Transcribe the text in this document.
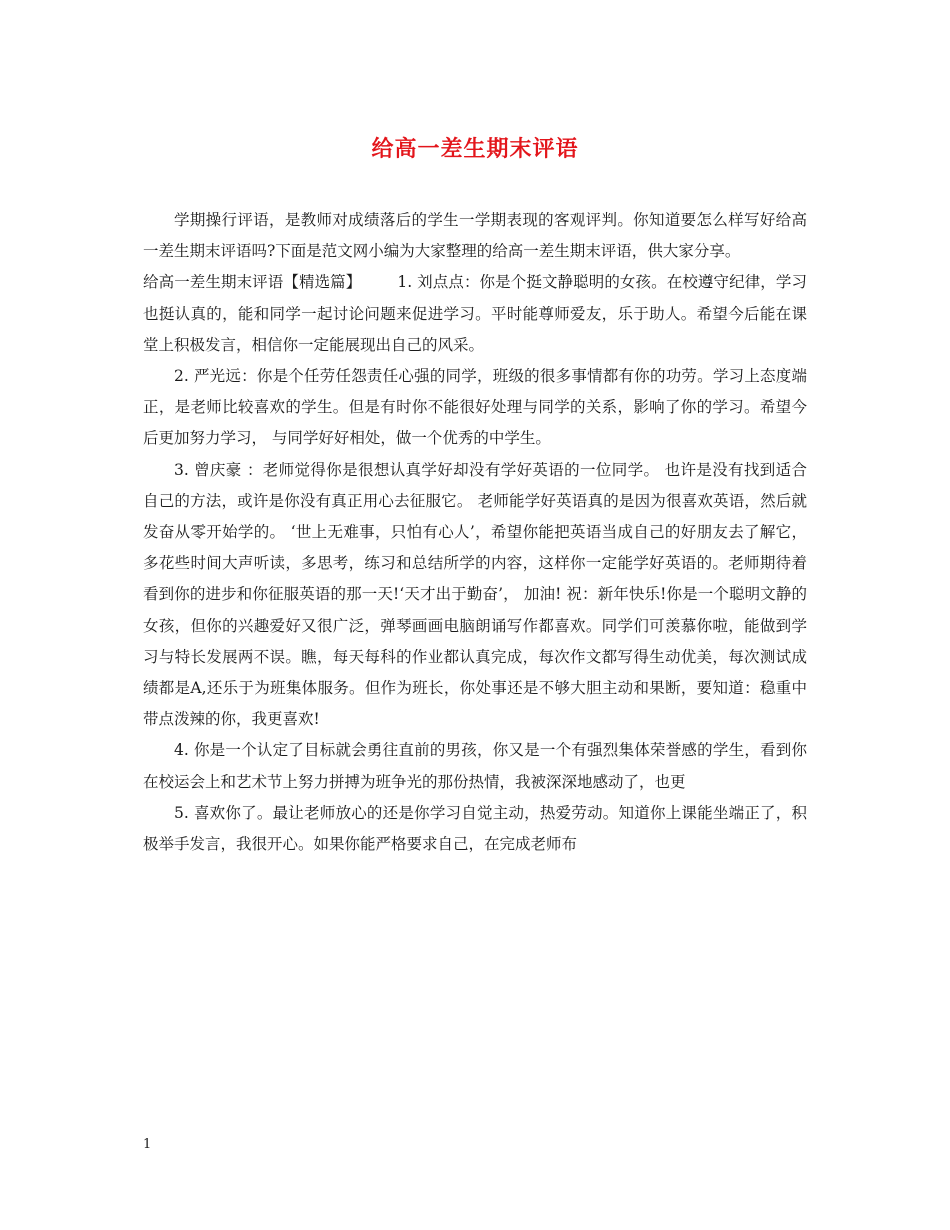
给高一差生期末评语

学期操行评语，是教师对成绩落后的学生一学期表现的客观评判。你知道要怎么样写好给高一差生期末评语吗?下面是范文网小编为大家整理的给高一差生期末评语，供大家分享。

给高一差生期末评语【精选篇】 1. 刘点点：你是个挺文静聪明的女孩。在校遵守纪律，学习也挺认真的，能和同学一起讨论问题来促进学习。平时能尊师爱友，乐于助人。希望今后能在课堂上积极发言，相信你一定能展现出自己的风采。

2. 严光远：你是个任劳任怨责任心强的同学，班级的很多事情都有你的功劳。学习上态度端正，是老师比较喜欢的学生。但是有时你不能很好处理与同学的关系，影响了你的学习。希望今后更加努力学习， 与同学好好相处，做一个优秀的中学生。

3. 曾庆豪 ：老师觉得你是很想认真学好却没有学好英语的一位同学。 也许是没有找到适合自己的方法，或许是你没有真正用心去征服它。 老师能学好英语真的是因为很喜欢英语，然后就发奋从零开始学的。 ‘世上无难事，只怕有心人’，希望你能把英语当成自己的好朋友去了解它，多花些时间大声听读，多思考，练习和总结所学的内容，这样你一定能学好英语的。老师期待着看到你的进步和你征服英语的那一天!‘天才出于勤奋’， 加油! 祝：新年快乐!你是一个聪明文静的女孩，但你的兴趣爱好又很广泛，弹琴画画电脑朗诵写作都喜欢。同学们可羡慕你啦，能做到学习与特长发展两不误。瞧，每天每科的作业都认真完成，每次作文都写得生动优美，每次测试成绩都是A,还乐于为班集体服务。但作为班长，你处事还是不够大胆主动和果断，要知道：稳重中带点泼辣的你，我更喜欢!

4. 你是一个认定了目标就会勇往直前的男孩，你又是一个有强烈集体荣誉感的学生，看到你在校运会上和艺术节上努力拼搏为班争光的那份热情，我被深深地感动了，也更

5. 喜欢你了。最让老师放心的还是你学习自觉主动，热爱劳动。知道你上课能坐端正了，积极举手发言，我很开心。如果你能严格要求自己，在完成老师布

1
